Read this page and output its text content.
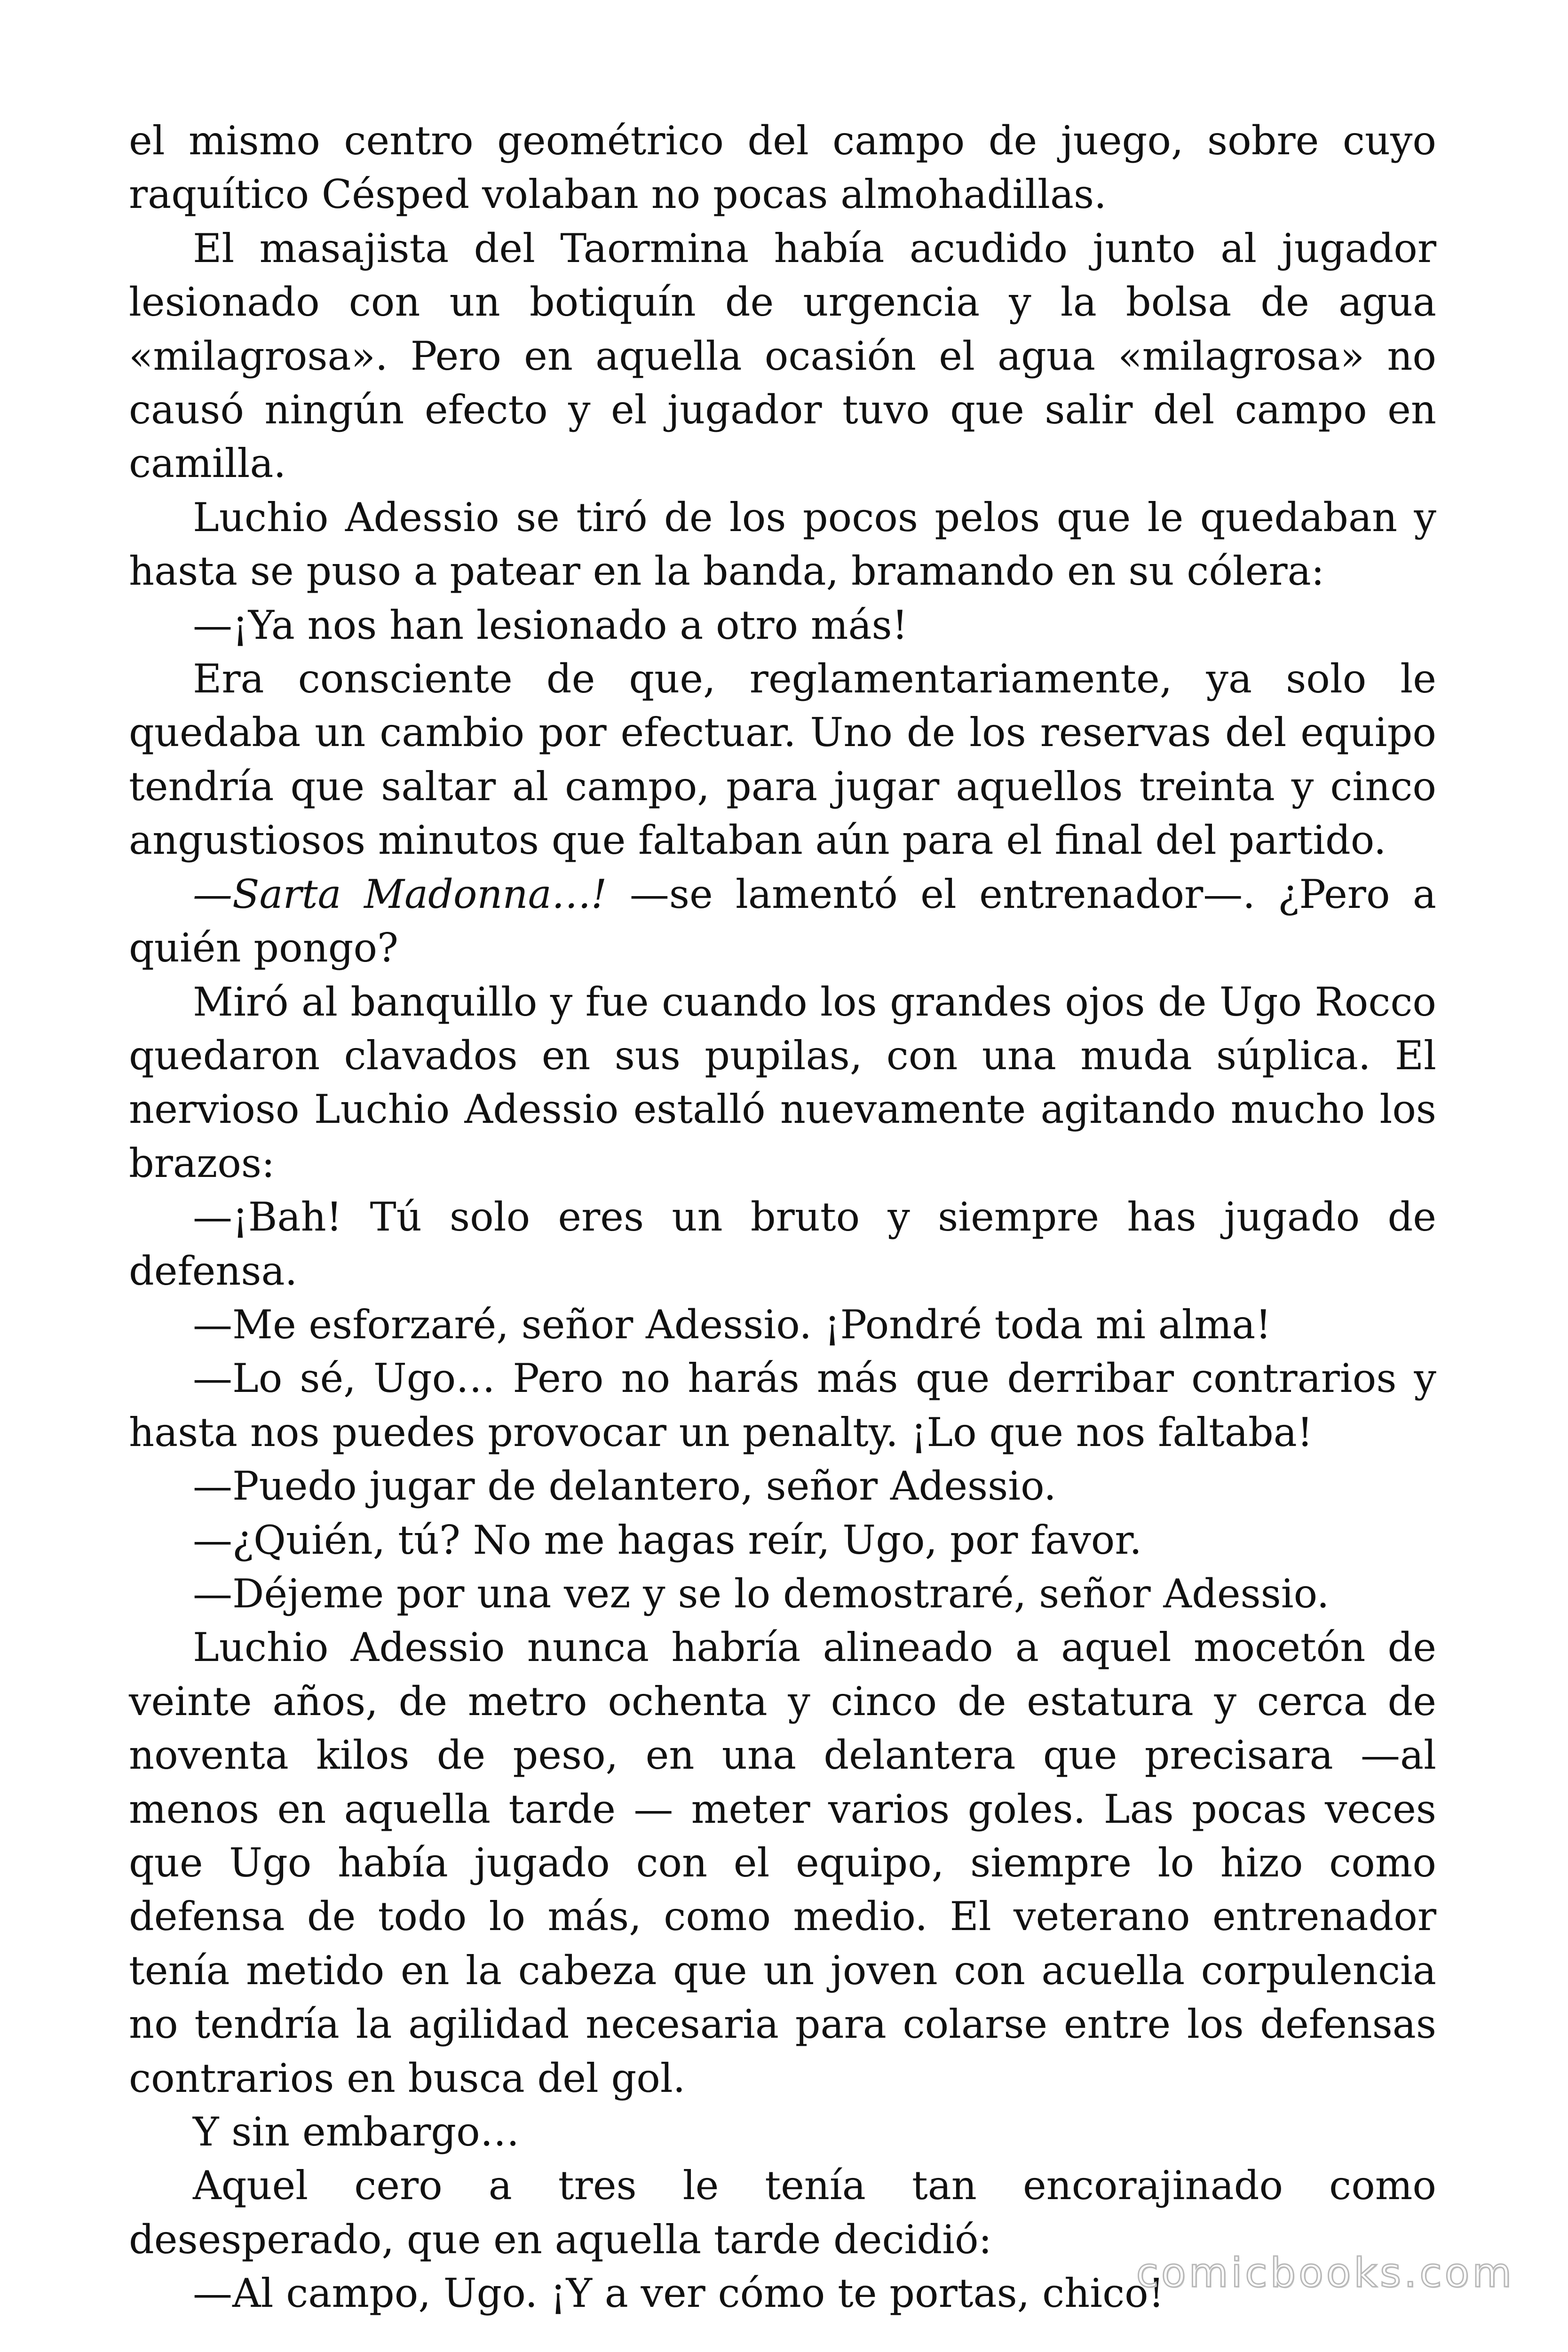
el mismo centro geométrico del campo de juego, sobre cuyo raquítico Césped volaban no pocas almohadillas.

El masajista del Taormina había acudido junto al jugador lesionado con un botiquín de urgencia y la bolsa de agua «milagrosa». Pero en aquella ocasión el agua «milagrosa» no causó ningún efecto y el jugador tuvo que salir del campo en camilla.

Luchio Adessio se tiró de los pocos pelos que le quedaban y hasta se puso a patear en la banda, bramando en su cólera:

—¡Ya nos han lesionado a otro más!

Era consciente de que, reglamentariamente, ya solo le quedaba un cambio por efectuar. Uno de los reservas del equipo tendría que saltar al campo, para jugar aquellos treinta y cinco angustiosos minutos que faltaban aún para el final del partido.

—Sarta Madonna…! —se lamentó el entrenador—. ¿Pero a quién pongo?

Miró al banquillo y fue cuando los grandes ojos de Ugo Rocco quedaron clavados en sus pupilas, con una muda súplica. El nervioso Luchio Adessio estalló nuevamente agitando mucho los brazos:

—¡Bah! Tú solo eres un bruto y siempre has jugado de defensa.

—Me esforzaré, señor Adessio. ¡Pondré toda mi alma!

—Lo sé, Ugo… Pero no harás más que derribar contrarios y hasta nos puedes provocar un penalty. ¡Lo que nos faltaba!

—Puedo jugar de delantero, señor Adessio.

—¿Quién, tú? No me hagas reír, Ugo, por favor.

—Déjeme por una vez y se lo demostraré, señor Adessio.

Luchio Adessio nunca habría alineado a aquel mocetón de veinte años, de metro ochenta y cinco de estatura y cerca de noventa kilos de peso, en una delantera que precisara —al menos en aquella tarde — meter varios goles. Las pocas veces que Ugo había jugado con el equipo, siempre lo hizo como defensa de todo lo más, como medio. El veterano entrenador tenía metido en la cabeza que un joven con acuella corpulencia no tendría la agilidad necesaria para colarse entre los defensas contrarios en busca del gol.

Y sin embargo…

Aquel cero a tres le tenía tan encorajinado como desesperado, que en aquella tarde decidió:

—Al campo, Ugo. ¡Y a ver cómo te portas, chico!

comicbooks.com
